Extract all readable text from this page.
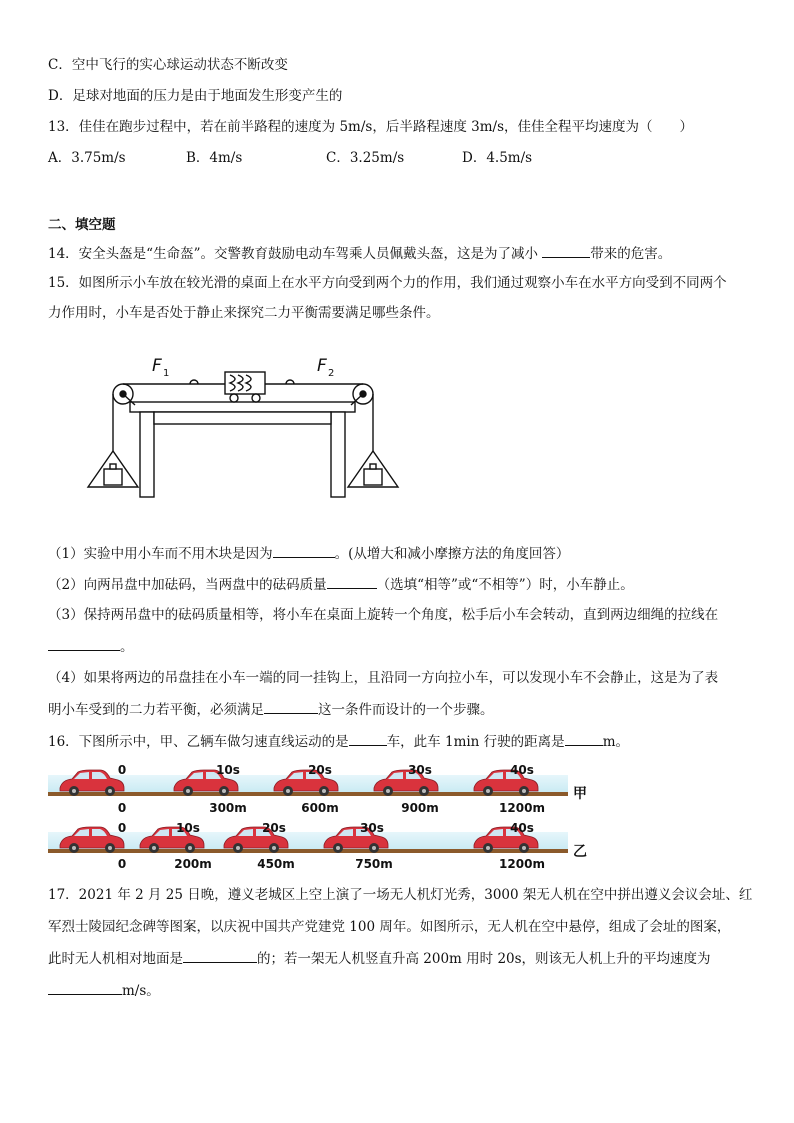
C．空中飞行的实心球运动状态不断改变
D．足球对地面的压力是由于地面发生形变产生的
13．佳佳在跑步过程中，若在前半路程的速度为 5m/s，后半路程速度 3m/s，佳佳全程平均速度为（　　）
A．3.75m/s	B．4m/s	C．3.25m/s	D．4.5m/s
二、填空题
14．安全头盔是“生命盔”。交警教育鼓励电动车驾乘人员佩戴头盔，这是为了减小	带来的危害。
15．如图所示小车放在较光滑的桌面上在水平方向受到两个力的作用，我们通过观察小车在水平方向受到不同两个
力作用时，小车是否处于静止来探究二力平衡需要满足哪些条件。
F 1	F 2
（1）实验中用小车而不用木块是因为	。(从增大和减小摩擦方法的角度回答）
（2）向两吊盘中加砝码，当两盘中的砝码质量	（选填“相等”或“不相等”）时，小车静止。
（3）保持两吊盘中的砝码质量相等，将小车在桌面上旋转一个角度，松手后小车会转动，直到两边细绳的拉线在
。
（4）如果将两边的吊盘挂在小车一端的同一挂钩上，且沿同一方向拉小车，可以发现小车不会静止，这是为了表
明小车受到的二力若平衡，必须满足	这一条件而设计的一个步骤。
16．下图所示中，甲、乙辆车做匀速直线运动的是	车，此车 1min 行驶的距离是	m。
0	10s	20s	30s	40s
0	300m	600m	900m	1200m
甲
0	10s	20s	30s	40s
0	200m	450m	750m	1200m
乙
17．2021 年 2 月 25 日晚，遵义老城区上空上演了一场无人机灯光秀，3000 架无人机在空中拼出遵义会议会址、红
军烈士陵园纪念碑等图案，以庆祝中国共产党建党 100 周年。如图所示，无人机在空中悬停，组成了会址的图案，
此时无人机相对地面是	的；若一架无人机竖直升高 200m 用时 20s，则该无人机上升的平均速度为
m/s。
